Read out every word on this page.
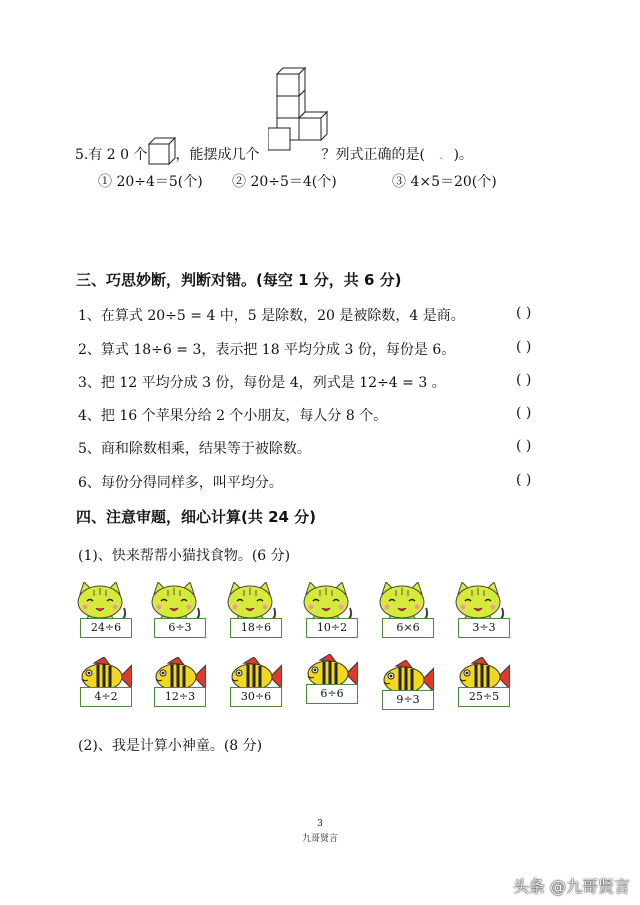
5.有 2 0 个 ，能摆成几个	？列式正确的是( . )。
① 20÷4＝5(个) ② 20÷5＝4(个)	③ 4×5＝20(个)
三、巧思妙断，判断对错。(每空 1 分，共 6 分)
1、在算式 20÷5 = 4 中，5 是除数，20 是被除数，4 是商。	( )
2、算式 18÷6 = 3，表示把 18 平均分成 3 份，每份是 6。	( )
3、把 12 平均分成 3 份，每份是 4，列式是 12÷4 = 3 。	( )
4、把 16 个苹果分给 2 个小朋友，每人分 8 个。	( )
5、商和除数相乘，结果等于被除数。	( )
6、每份分得同样多，叫平均分。	( )
四、注意审题，细心计算(共 24 分)
(1)、快来帮帮小猫找食物。(6 分)
24÷6	6÷3	18÷6	10÷2	6×6	3÷3
4÷2	12÷3	30÷6	6÷6	9÷3	25÷5
(2)、我是计算小神童。(8 分)
3
九哥贤言
头条 @九哥贤言
